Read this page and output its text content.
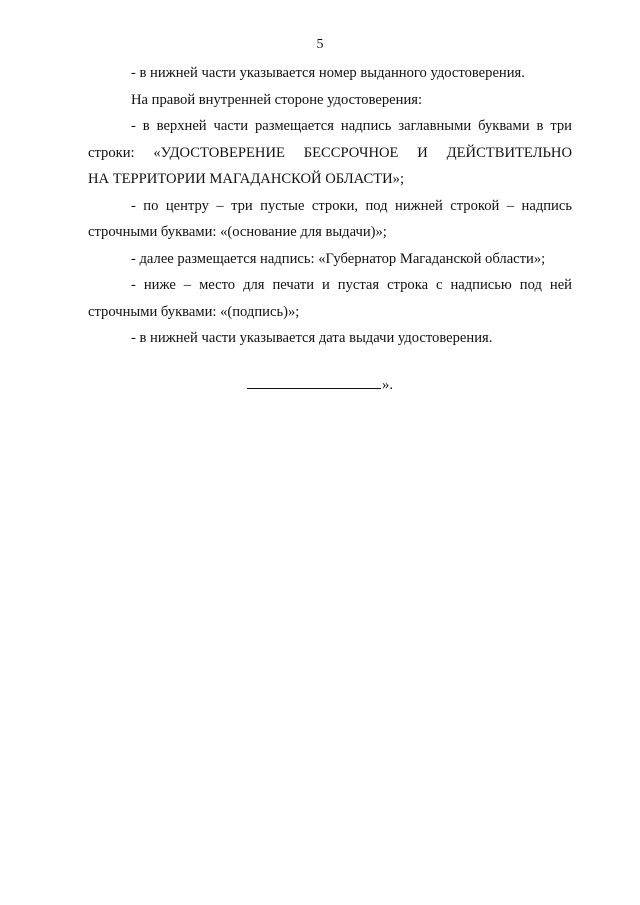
5

- в нижней части указывается номер выданного удостоверения.

На правой внутренней стороне удостоверения:

- в верхней части размещается надпись заглавными буквами в три
строки: «УДОСТОВЕРЕНИЕ БЕССРОЧНОЕ И ДЕЙСТВИТЕЛЬНО
НА ТЕРРИТОРИИ МАГАДАНСКОЙ ОБЛАСТИ»;

- по центру – три пустые строки, под нижней строкой – надпись
строчными буквами: «(основание для выдачи)»;

- далее размещается надпись: «Губернатор Магаданской области»;

- ниже – место для печати и пустая строка с надписью под ней
строчными буквами: «(подпись)»;

- в нижней части указывается дата выдачи удостоверения.

».
